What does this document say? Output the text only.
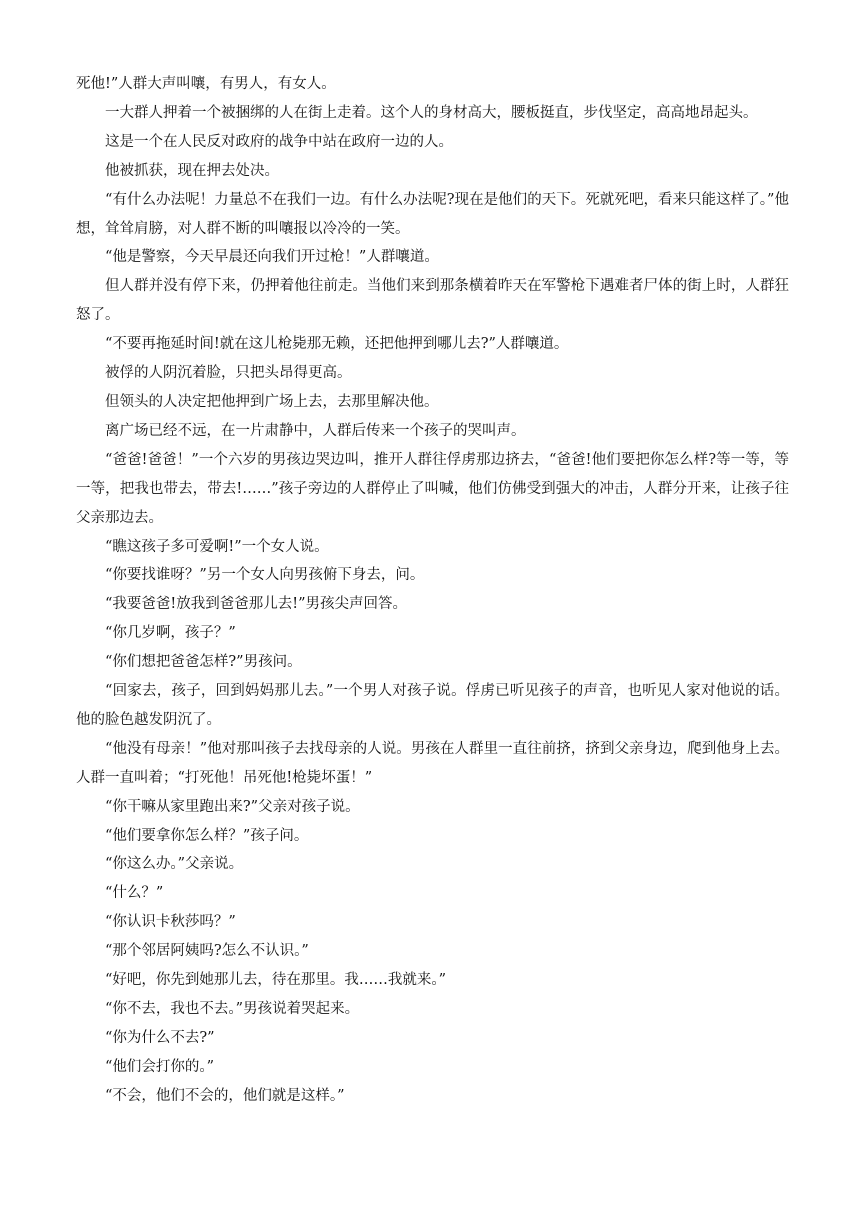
死他!”人群大声叫嚷，有男人，有女人。

一大群人押着一个被捆绑的人在街上走着。这个人的身材高大，腰板挺直，步伐坚定，高高地昂起头。

这是一个在人民反对政府的战争中站在政府一边的人。

他被抓获，现在押去处决。

“有什么办法呢！力量总不在我们一边。有什么办法呢?现在是他们的天下。死就死吧，看来只能这样了。”他想，耸耸肩膀，对人群不断的叫嚷报以冷冷的一笑。

“他是警察，今天早晨还向我们开过枪！”人群嚷道。

但人群并没有停下来，仍押着他往前走。当他们来到那条横着昨天在军警枪下遇难者尸体的街上时，人群狂怒了。

“不要再拖延时间!就在这儿枪毙那无赖，还把他押到哪儿去?”人群嚷道。

被俘的人阴沉着脸，只把头昂得更高。

但领头的人决定把他押到广场上去，去那里解决他。

离广场已经不远，在一片肃静中，人群后传来一个孩子的哭叫声。

“爸爸!爸爸！”一个六岁的男孩边哭边叫，推开人群往俘虏那边挤去，“爸爸!他们要把你怎么样?等一等，等一等，把我也带去，带去!……”孩子旁边的人群停止了叫喊，他们仿佛受到强大的冲击，人群分开来，让孩子往父亲那边去。

“瞧这孩子多可爱啊!”一个女人说。

“你要找谁呀？”另一个女人向男孩俯下身去，问。

“我要爸爸!放我到爸爸那儿去!”男孩尖声回答。

“你几岁啊，孩子？”

“你们想把爸爸怎样?”男孩问。

“回家去，孩子，回到妈妈那儿去。”一个男人对孩子说。俘虏已听见孩子的声音，也听见人家对他说的话。他的脸色越发阴沉了。

“他没有母亲！”他对那叫孩子去找母亲的人说。男孩在人群里一直往前挤，挤到父亲身边，爬到他身上去。人群一直叫着；“打死他！吊死他!枪毙坏蛋！”

“你干嘛从家里跑出来?”父亲对孩子说。

“他们要拿你怎么样？”孩子问。

“你这么办。”父亲说。

“什么？”

“你认识卡秋莎吗？”

“那个邻居阿姨吗?怎么不认识。”

“好吧，你先到她那儿去，待在那里。我……我就来。”

“你不去，我也不去。”男孩说着哭起来。

“你为什么不去?”

“他们会打你的。”

“不会，他们不会的，他们就是这样。”
